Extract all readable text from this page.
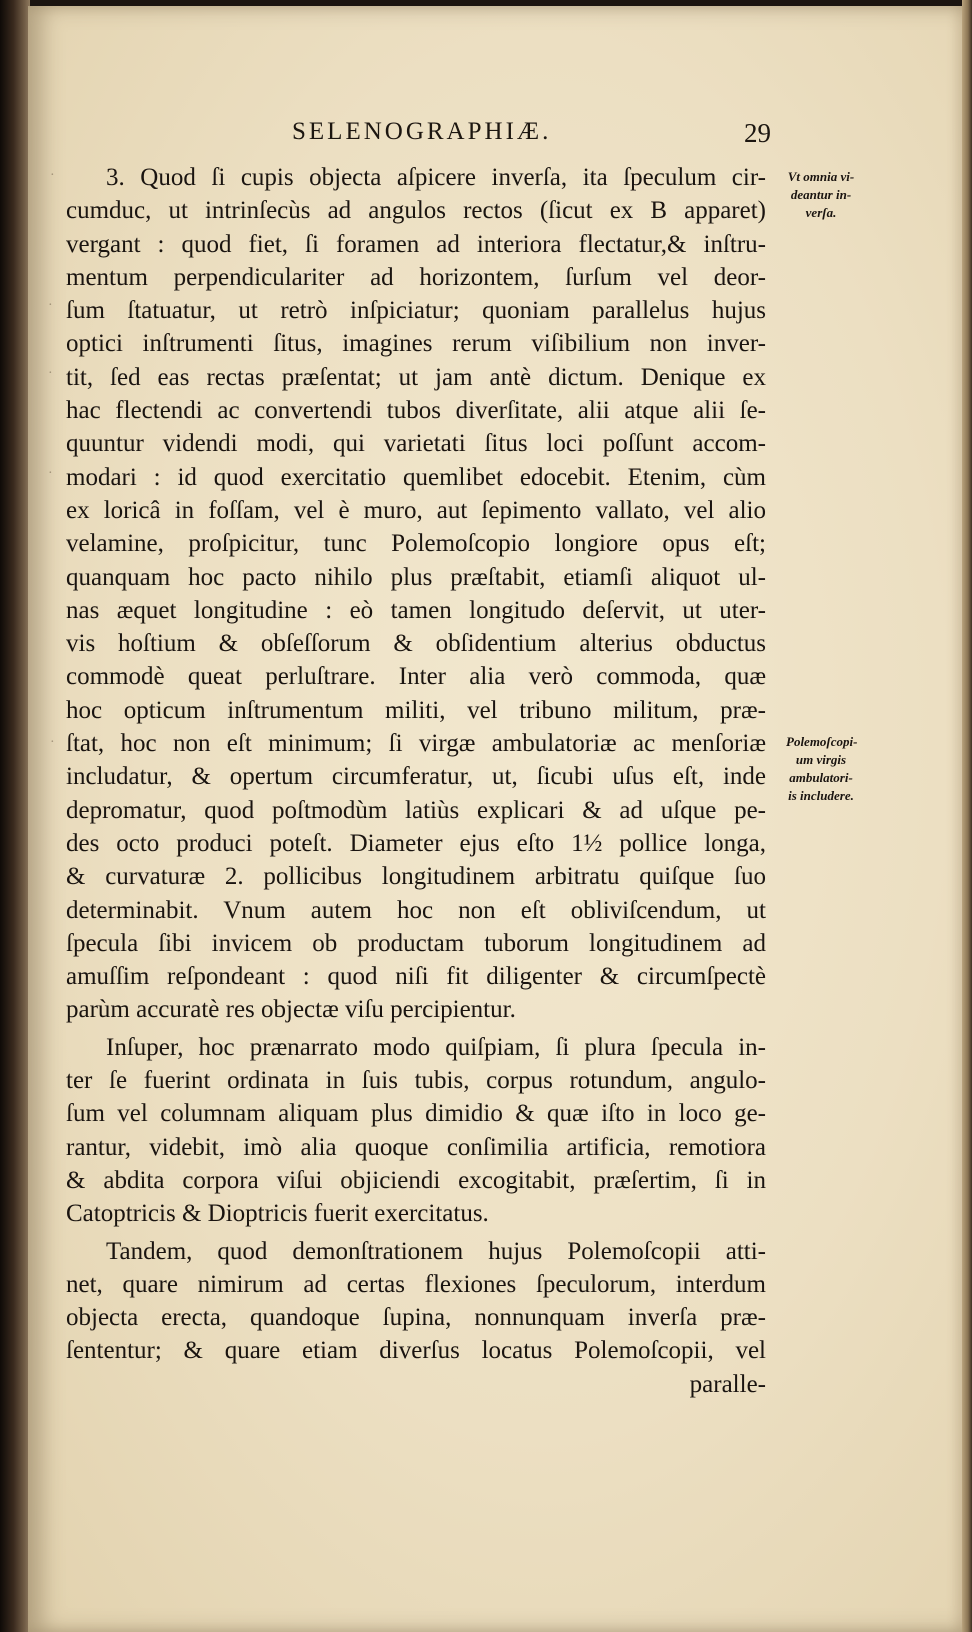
SELENOGRAPHIÆ.	29
·
·
·
·
·
3. Quod ſi cupis objecta aſpicere inverſa, ita ſpeculum cir-
cumduc, ut intrinſecùs ad angulos rectos (ſicut ex B apparet)
vergant : quod fiet, ſi foramen ad interiora flectatur,& inſtru-
mentum perpendiculariter ad horizontem, ſurſum vel deor-
ſum ſtatuatur, ut retrò inſpiciatur; quoniam parallelus hujus
optici inſtrumenti ſitus, imagines rerum viſibilium non inver-
tit, ſed eas rectas præſentat; ut jam antè dictum. Denique ex
hac flectendi ac convertendi tubos diverſitate, alii atque alii ſe-
quuntur videndi modi, qui varietati ſitus loci poſſunt accom-
modari : id quod exercitatio quemlibet edocebit. Etenim, cùm
ex loricâ in foſſam, vel è muro, aut ſepimento vallato, vel alio
velamine, proſpicitur, tunc Polemoſcopio longiore opus eſt;
quanquam hoc pacto nihilo plus præſtabit, etiamſi aliquot ul-
nas æquet longitudine : eò tamen longitudo deſervit, ut uter-
vis hoſtium & obſeſſorum & obſidentium alterius obductus
commodè queat perluſtrare. Inter alia verò commoda, quæ
hoc opticum inſtrumentum militi, vel tribuno militum, præ-
ſtat, hoc non eſt minimum; ſi virgæ ambulatoriæ ac menſoriæ
includatur, & opertum circumferatur, ut, ſicubi uſus eſt, inde
depromatur, quod poſtmodùm latiùs explicari & ad uſque pe-
des octo produci poteſt. Diameter ejus eſto 1½ pollice longa,
& curvaturæ 2. pollicibus longitudinem arbitratu quiſque ſuo
determinabit. Vnum autem hoc non eſt obliviſcendum, ut
ſpecula ſibi invicem ob productam tuborum longitudinem ad
amuſſim reſpondeant : quod niſi fit diligenter & circumſpectè
parùm accuratè res objectæ viſu percipientur.
Inſuper, hoc prænarrato modo quiſpiam, ſi plura ſpecula in-
ter ſe fuerint ordinata in ſuis tubis, corpus rotundum, angulo-
ſum vel columnam aliquam plus dimidio & quæ iſto in loco ge-
rantur, videbit, imò alia quoque conſimilia artificia, remotiora
& abdita corpora viſui objiciendi excogitabit, præſertim, ſi in
Catoptricis & Dioptricis fuerit exercitatus.
Tandem, quod demonſtrationem hujus Polemoſcopii atti-
net, quare nimirum ad certas flexiones ſpeculorum, interdum
objecta erecta, quandoque ſupina, nonnunquam inverſa præ-
ſententur; & quare etiam diverſus locatus Polemoſcopii, vel
paralle-
Vt omnia vi-
deantur in-
verſa.
Polemoſcopi-
um virgis
ambulatori-
is includere.
